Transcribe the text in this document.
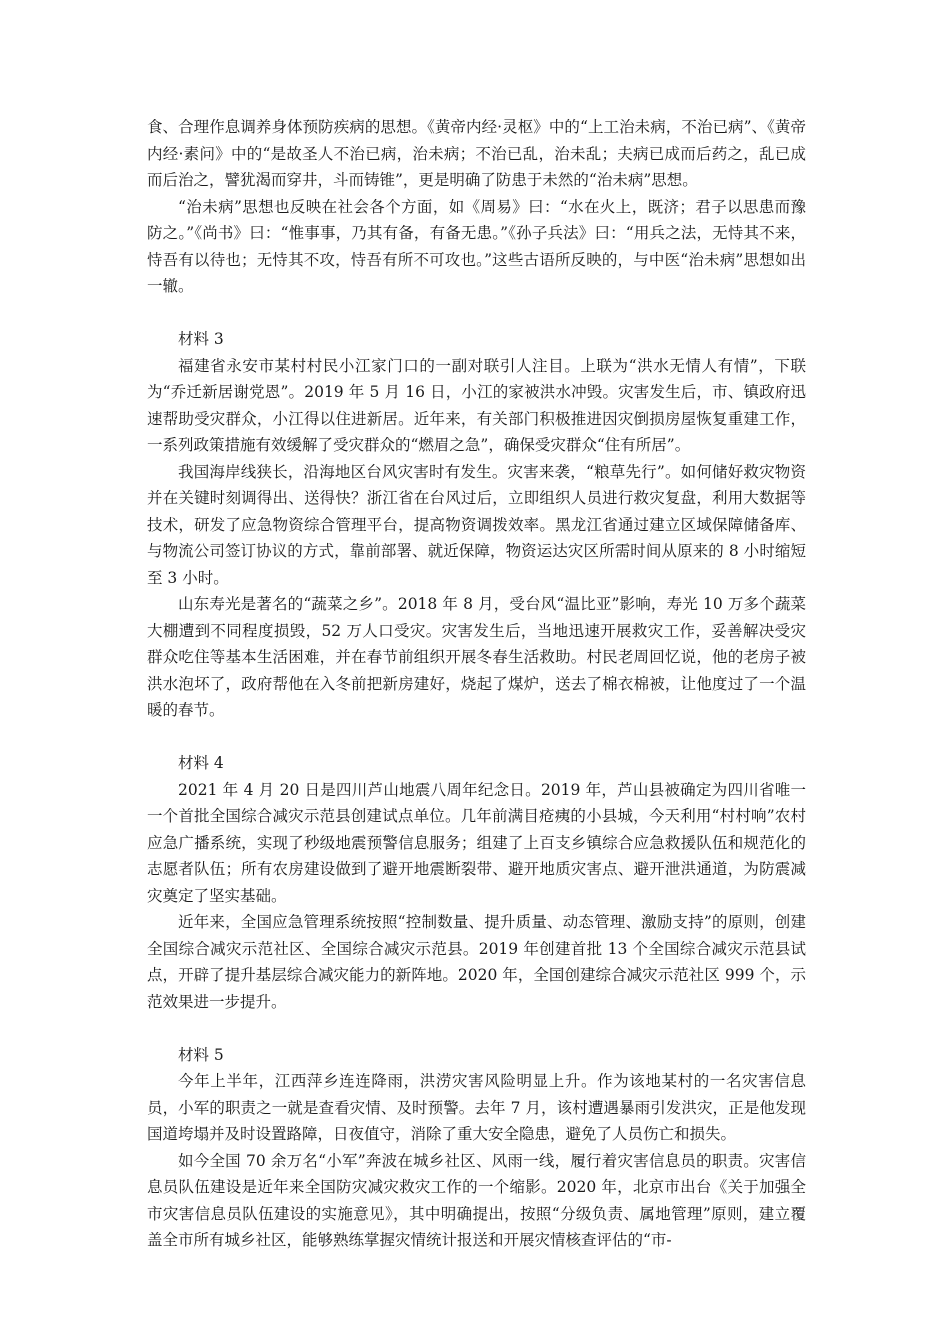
食、合理作息调养身体预防疾病的思想。《黄帝内经·灵枢》中的“上工治未病，不治已病”、《黄帝内经·素问》中的“是故圣人不治已病，治未病；不治已乱，治未乱；夫病已成而后药之，乱已成而后治之，譬犹渴而穿井，斗而铸锥”，更是明确了防患于未然的“治未病”思想。

“治未病”思想也反映在社会各个方面，如《周易》曰：“水在火上，既济；君子以思患而豫防之。”《尚书》曰：“惟事事，乃其有备，有备无患。”《孙子兵法》曰：“用兵之法，无恃其不来，恃吾有以待也；无恃其不攻，恃吾有所不可攻也。”这些古语所反映的，与中医“治未病”思想如出一辙。

材料 3

福建省永安市某村村民小江家门口的一副对联引人注目。上联为“洪水无情人有情”，下联为“乔迁新居谢党恩”。2019 年 5 月 16 日，小江的家被洪水冲毁。灾害发生后，市、镇政府迅速帮助受灾群众，小江得以住进新居。近年来，有关部门积极推进因灾倒损房屋恢复重建工作，一系列政策措施有效缓解了受灾群众的“燃眉之急”，确保受灾群众“住有所居”。

我国海岸线狭长，沿海地区台风灾害时有发生。灾害来袭，“粮草先行”。如何储好救灾物资并在关键时刻调得出、送得快？浙江省在台风过后，立即组织人员进行救灾复盘，利用大数据等技术，研发了应急物资综合管理平台，提高物资调拨效率。黑龙江省通过建立区域保障储备库、与物流公司签订协议的方式，靠前部署、就近保障，物资运达灾区所需时间从原来的 8 小时缩短至 3 小时。

山东寿光是著名的“蔬菜之乡”。2018 年 8 月，受台风“温比亚”影响，寿光 10 万多个蔬菜大棚遭到不同程度损毁，52 万人口受灾。灾害发生后，当地迅速开展救灾工作，妥善解决受灾群众吃住等基本生活困难，并在春节前组织开展冬春生活救助。村民老周回忆说，他的老房子被洪水泡坏了，政府帮他在入冬前把新房建好，烧起了煤炉，送去了棉衣棉被，让他度过了一个温暖的春节。

材料 4

2021 年 4 月 20 日是四川芦山地震八周年纪念日。2019 年，芦山县被确定为四川省唯一一个首批全国综合减灾示范县创建试点单位。几年前满目疮痍的小县城，今天利用“村村响”农村应急广播系统，实现了秒级地震预警信息服务；组建了上百支乡镇综合应急救援队伍和规范化的志愿者队伍；所有农房建设做到了避开地震断裂带、避开地质灾害点、避开泄洪通道，为防震减灾奠定了坚实基础。

近年来，全国应急管理系统按照“控制数量、提升质量、动态管理、激励支持”的原则，创建全国综合减灾示范社区、全国综合减灾示范县。2019 年创建首批 13 个全国综合减灾示范县试点，开辟了提升基层综合减灾能力的新阵地。2020 年，全国创建综合减灾示范社区 999 个，示范效果进一步提升。

材料 5

今年上半年，江西萍乡连连降雨，洪涝灾害风险明显上升。作为该地某村的一名灾害信息员，小军的职责之一就是查看灾情、及时预警。去年 7 月，该村遭遇暴雨引发洪灾，正是他发现国道垮塌并及时设置路障，日夜值守，消除了重大安全隐患，避免了人员伤亡和损失。

如今全国 70 余万名“小军”奔波在城乡社区、风雨一线，履行着灾害信息员的职责。灾害信息员队伍建设是近年来全国防灾减灾救灾工作的一个缩影。2020 年，北京市出台《关于加强全市灾害信息员队伍建设的实施意见》，其中明确提出，按照“分级负责、属地管理”原则，建立覆盖全市所有城乡社区，能够熟练掌握灾情统计报送和开展灾情核查评估的“市-
